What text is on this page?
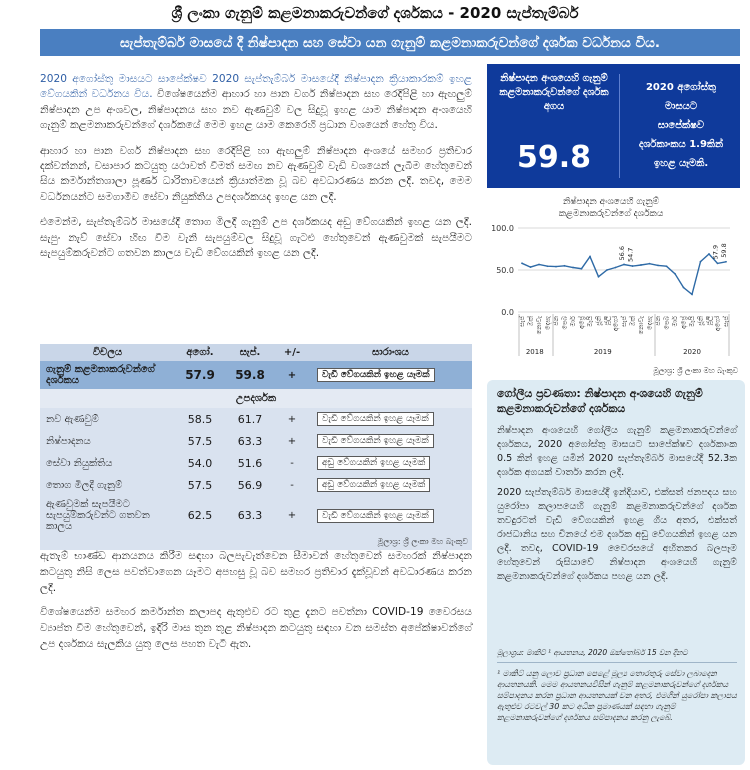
ශ්‍රී ලංකා ගැනුම් කළමනාකරුවන්ගේ දර්ශකය - 2020 සැප්තැම්බර්
සැප්තැම්බර් මාසයේ දී නිෂ්පාදන සහ සේවා යන ගැනුම් කළමනාකරුවන්ගේ දර්ශක වර්ධනය විය.

2020 අගෝස්තු මාසයට සාපේක්ෂව 2020 සැප්තැම්බර් මාසයේදී නිෂ්පාදන ක්‍රියාකාරකම් ඉහළ වේගයකින් වර්ධනය විය. විශේෂයෙන්ම ආහාර හා පාන වර්ග නිෂ්පාදන සහ රෙදිපිළි හා ඇඟලුම් නිෂ්පාදන උප අංශවල, නිෂ්පාදනය සහ නව ඇණවුම් වල සිදුවූ ඉහළ යාම නිෂ්පාදන අංශයෙහි ගැනුම් කළමනාකරුවන්ගේ දර්ශකයේ මෙම ඉහළ යාම කෙරෙහි ප්‍රධාන වශයෙන් හේතු විය.

ආහාර හා පාන වර්ග නිෂ්පාදන සහ රෙදිපිළි හා ඇඟලුම් නිෂ්පාදන අංශයේ සමහර ප්‍රතිචාර දක්වන්නන්, වසාපාර කටයුතු යථාවත් වීමත් සමඟ නව ඇණවුම් වැඩි වශයෙන් ලැබීම හේතුවෙන් සිය කර්මාන්තශාලා පූර්ණ ධාරිතාවයෙන් ක්‍රියාත්මක වූ බව අවධාරණය කරන ලදී. තවද, මෙම වර්ධනයන්ට සමගාමීව සේවා නියුක්තිය උපදර්ශකයද ඉහළ යන ලදී.

එමෙන්ම, සැප්තැම්බර් මාසයේදී තොග මිලදී ගැනුම් උප දර්ශකයද අඩු වේගයකින් ඉහළ යන ලදී. සැපුං නැව් සේවා හිඟ වීම වැනි සැපයුම්වල සිදුවූ ගැටළු හේතුවෙන් ඇණවුමක් සැපයීමට සැපයුම්කරුවන්ට ගතවන කාලය වැඩි වේගයකින් ඉහළ යන ලදී.

විචලය	අගෝ.	සැප්.	+/-	සාරාංශය
ගැනුම් කළමනාකරුවන්ගේ දර්ශකය	57.9	59.8	+	වැඩි වේගයකින් ඉහළ යෑමක්
උපදර්ශක				
නව ඇණවුම්	58.5	61.7	+	වැඩි වේගයකින් ඉහළ යෑමක්
නිෂ්පාදනය	57.5	63.3	+	වැඩි වේගයකින් ඉහළ යෑමක්
සේවා නියුක්තිය	54.0	51.6	-	අඩු වේගයකින් ඉහළ යෑමක්
තොග මිලදී ගැනුම්	57.5	56.9	-	අඩු වේගයකින් ඉහළ යෑමක්
ඇණවුමක් සැපයීමට සැපයුම්කරුවන්ට ගතවන කාලය	62.5	63.3	+	වැඩි වේගයකින් ඉහළ යෑමක්
මූලාශ්‍ර: ශ්‍රී ලංකා මහ බැංකුව

ඇතැම් භාණ්ඩ ආනයනය කිරීම සඳහා බලපැවැත්වෙන සීමාවන් හේතුවෙන් සමහරක් නිෂ්පාදන කටයුතු නිසි ලෙස පවත්වාගෙන යෑමට අපහසු වූ බව සමහර ප්‍රතිචාර දැක්වූවන් අවධාරණය කරන ලදී.

විශේෂයෙන්ම සමහර කර්මාන්ත කලාපද ඇතුළුව රට තුළ දැනට පවත්නා COVID-19 වෛරසය ව්‍යාප්ත වීම හේතුවෙන්, ඉදිරි මාස තුන තුළ නිෂ්පාදන කටයුතු සඳහා වන සමස්ත අපේක්ෂාවන්ගේ උප දර්ශකය සැලකිය යුතු ලෙස පහත වැටී ඇත.

නිෂ්පාදන අංශයෙහි ගැනුම් කළමනාකරුවන්ගේ දර්ශක අගය
59.8
2020 අගෝස්තු
මාසයට
සාපේක්ෂව
දර්ශකාංකය 1.9කින්
ඉහළ යෑමකි.
නිෂ්පාදන අංශයෙහි ගැනුම්
කළමනාකරුවන්ගේ දර්ශකය
0.0
50.0
100.0
56.6 54.7	57.9 59.8
සැප් ඔක් නොවැ දෙසැ ජන පෙබ මාර් අප්‍රේ මැයි ජූනි ජූලි අගෝ සැප් ඔක් නොවැ දෙසැ ජන පෙබ මාර් අප්‍රේ මැයි ජූනි ජූලි අගෝ සැප්
2018	2019	2020
මූලාශ්‍ර: ශ්‍රී ලංකා මහ බැංකුව
ගෝලීය ප්‍රවණතා: නිෂ්පාදන අංශයෙහි ගැනුම් කළමනාකරුවන්ගේ දර්ශකය

නිෂ්පාදන අංශයෙහි ගෝලීය ගැනුම් කළමනාකරුවන්ගේ දර්ශකය, 2020 අගෝස්තු මාසයට සාපේක්ෂව දර්ශකාංක 0.5 කින් ඉහළ යමින් 2020 සැප්තැම්බර් මාසයේදී 52.3ක දර්ශක අගයක් වාර්තා කරන ලදී.

2020 සැප්තැම්බර් මාසයේදී ඉන්දියාව, එක්සත් ජනපදය සහ යුරෝපා කලාපයෙහි ගැනුම් කළමනාකරුවන්ගේ දර්ශක තවදුරටත් වැඩි වේගයකින් ඉහළ ගිය අතර, එක්සත් රාජධානිය සහ චීනයේ එම දර්ශක අඩු වේගයකින් ඉහළ යන ලදී. තවද, COVID-19 වෛරසයේ අහිතකර බලපෑම හේතුවෙන් රුසියාවේ නිෂ්පාදන අංශයෙහි ගැනුම් කළමනාකරුවන්ගේ දර්ශකය පහළ යන ලදී.

මූලාශ්‍රය: මාකිට් ¹ ආයතනය, 2020 ඔක්තෝබර් 15 වන දිනට
¹ මාකිට් යනු ලොව ප්‍රධාන පෙළේ මූල්‍ය තොරතුරු සේවා ලබාදෙන ආයතනයකි. මෙම ආයතනයවිසින් ගැනුම් කළමනාකරුවන්ගේ දර්ශකය සම්පාදනය කරන ප්‍රධාන ආයතනයක් වන අතර, එමගින් යුරෝපා කලාපය ඇතුළුව රටවල් 30 කට අධික ප්‍රමාණයක් සඳහා ගැනුම් කළමනාකරුවන්ගේ දර්ශකය සම්පාදනය කරනු ලැබේ.
